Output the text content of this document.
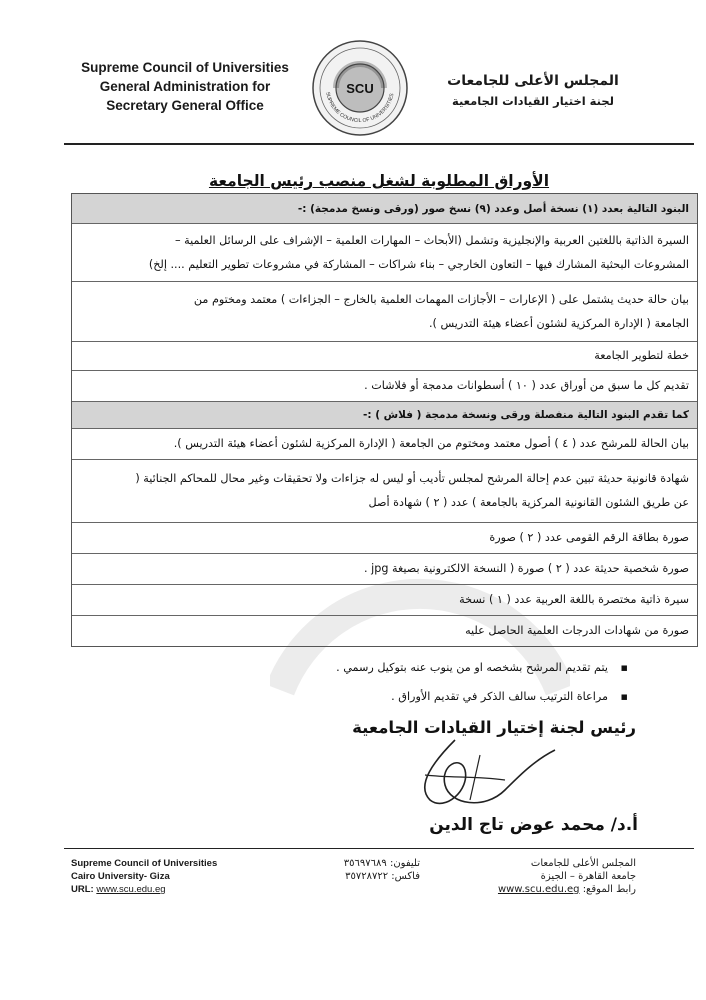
Supreme Council of Universities
General Administration for
Secretary General Office
SCU
SUPREME COUNCIL OF UNIVERSITIES
المجلس الأعلى للجامعات
لجنة اختيار القيادات الجامعية
الأوراق المطلوبة لشغل منصب رئيس الجامعة
البنود التالية بعدد (١) نسخة أصل وعدد (٩) نسخ صور (ورقى ونسخ مدمجة) :-
السيرة الذاتية باللغتين العربية والإنجليزية وتشمل (الأبحاث – المهارات العلمية – الإشراف على الرسائل العلمية –
المشروعات البحثية المشارك فيها – التعاون الخارجي – بناء شراكات – المشاركة في مشروعات تطوير التعليم .... إلخ)
بيان حالة حديث يشتمل على ( الإعارات – الأجازات المهمات العلمية بالخارج – الجزاءات ) معتمد ومختوم من
الجامعة ( الإدارة المركزية لشئون أعضاء هيئة التدريس ).
خطة لتطوير الجامعة
تقديم كل ما سبق من أوراق عدد ( ١٠ ) أسطوانات مدمجة أو فلاشات .
كما تقدم البنود التالية منفصلة ورقى ونسخة مدمجة ( فلاش ) :-
بيان الحالة للمرشح عدد ( ٤ ) أصول معتمد ومختوم من الجامعة ( الإدارة المركزية لشئون أعضاء هيئة التدريس ).
شهادة قانونية حديثة تبين عدم إحالة المرشح لمجلس تأديب أو ليس له جزاءات ولا تحقيقات وغير محال للمحاكم الجنائية (
عن طريق الشئون القانونية المركزية بالجامعة ) عدد ( ٢ ) شهادة أصل
صورة بطاقة الرقم القومى عدد ( ٢ ) صورة
صورة شخصية حديثة عدد ( ٢ ) صورة ( النسخة الالكترونية بصيغة jpg .
سيرة ذاتية مختصرة باللغة العربية عدد ( ١ ) نسخة
صورة من شهادات الدرجات العلمية الحاصل عليه
▪ يتم تقديم المرشح بشخصه او من ينوب عنه بتوكيل رسمي .
▪ مراعاة الترتيب سالف الذكر في تقديم الأوراق .
رئيس لجنة إختيار القيادات الجامعية
أ.د/ محمد عوض تاج الدين
Supreme Council of Universities
Cairo University- Giza
URL: www.scu.edu.eg
تليفون: ٣٥٦٩٧٦٨٩
فاكس: ٣٥٧٢٨٧٢٢
المجلس الأعلى للجامعات
جامعة القاهرة – الجيزة
رابط الموقع: www.scu.edu.eg
